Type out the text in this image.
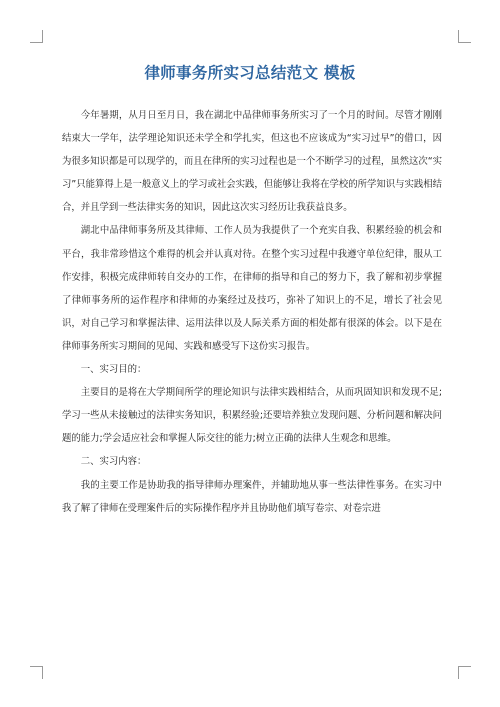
律师事务所实习总结范文 模板

今年暑期，从月日至月日，我在湖北中品律师事务所实习了一个月的时间。尽管才刚刚结束大一学年，法学理论知识还未学全和学扎实，但这也不应该成为“实习过早”的借口，因为很多知识都是可以现学的，而且在律所的实习过程也是一个不断学习的过程，虽然这次“实习”只能算得上是一般意义上的学习或社会实践，但能够让我将在学校的所学知识与实践相结合，并且学到一些法律实务的知识，因此这次实习经历让我获益良多。

湖北中品律师事务所及其律师、工作人员为我提供了一个充实自我、积累经验的机会和平台，我非常珍惜这个难得的机会并认真对待。在整个实习过程中我遵守单位纪律，服从工作安排，积极完成律师转自交办的工作，在律师的指导和自己的努力下，我了解和初步掌握了律师事务所的运作程序和律师的办案经过及技巧，弥补了知识上的不足，增长了社会见识，对自己学习和掌握法律、运用法律以及人际关系方面的相处都有很深的体会。以下是在律师事务所实习期间的见闻、实践和感受写下这份实习报告。

一、实习目的：

主要目的是将在大学期间所学的理论知识与法律实践相结合，从而巩固知识和发现不足;学习一些从未接触过的法律实务知识，积累经验;还要培养独立发现问题、分析问题和解决问题的能力;学会适应社会和掌握人际交往的能力;树立正确的法律人生观念和思维。

二、实习内容：

我的主要工作是协助我的指导律师办理案件，并辅助地从事一些法律性事务。在实习中我了解了律师在受理案件后的实际操作程序并且协助他们填写卷宗、对卷宗进
